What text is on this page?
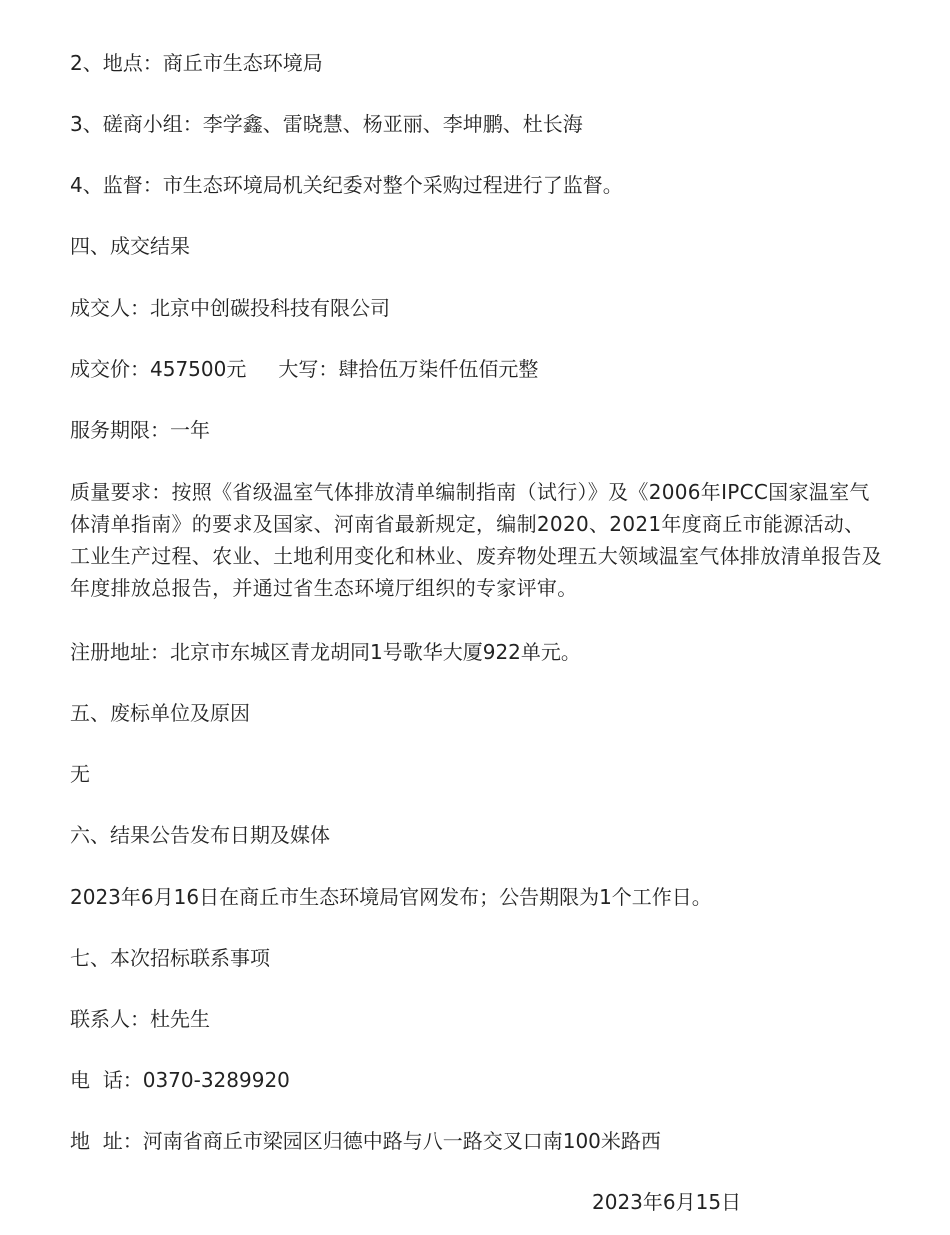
2、地点：商丘市生态环境局
3、磋商小组：李学鑫、雷晓慧、杨亚丽、李坤鹏、杜长海
4、监督：市生态环境局机关纪委对整个采购过程进行了监督。
四、成交结果
成交人：北京中创碳投科技有限公司
成交价：457500元 大写：肆拾伍万柒仟伍佰元整
服务期限：一年
质量要求：按照《省级温室气体排放清单编制指南（试行）》及《2006年IPCC国家温室气体清单指南》的要求及国家、河南省最新规定，编制2020、2021年度商丘市能源活动、工业生产过程、农业、土地利用变化和林业、废弃物处理五大领域温室气体排放清单报告及年度排放总报告，并通过省生态环境厅组织的专家评审。
注册地址：北京市东城区青龙胡同1号歌华大厦922单元。
五、废标单位及原因
无
六、结果公告发布日期及媒体
2023年6月16日在商丘市生态环境局官网发布；公告期限为1个工作日。
七、本次招标联系事项
联系人：杜先生
电  话：0370-3289920
地  址：河南省商丘市梁园区归德中路与八一路交叉口南100米路西
2023年6月15日
